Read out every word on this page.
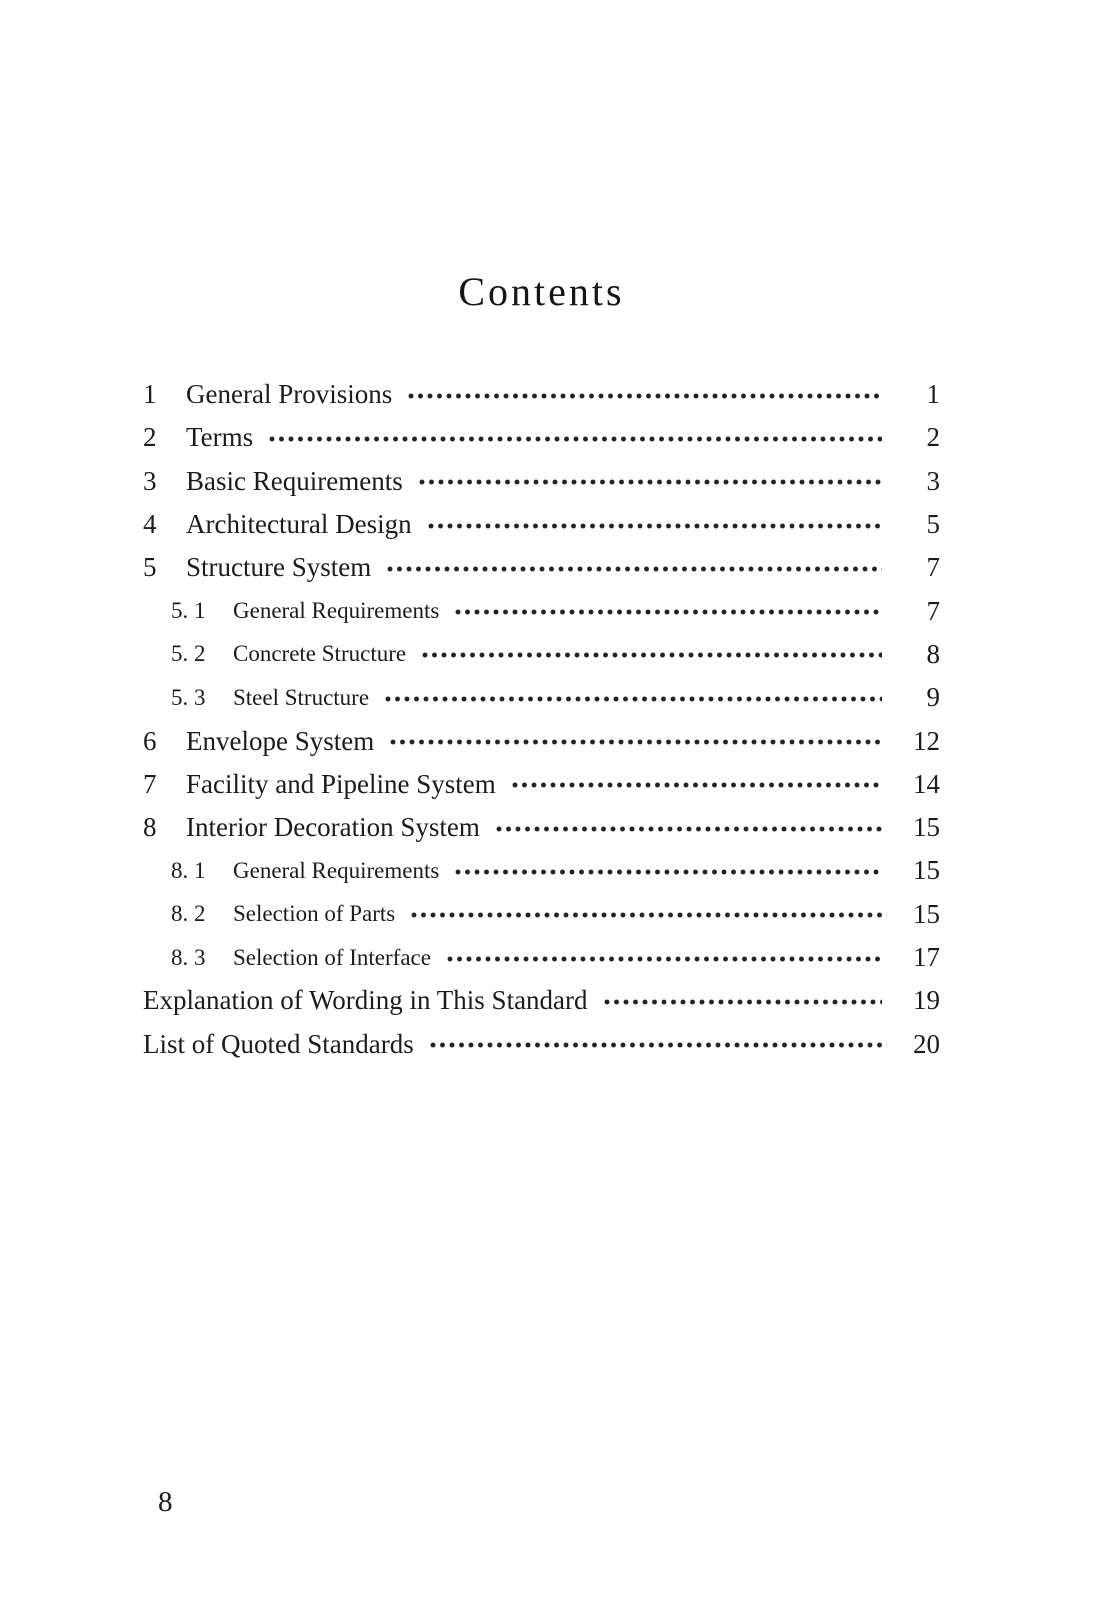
Contents
1	General Provisions	1
2	Terms	2
3	Basic Requirements	3
4	Architectural Design	5
5	Structure System	7
5. 1	General Requirements	7
5. 2	Concrete Structure	8
5. 3	Steel Structure	9
6	Envelope System	12
7	Facility and Pipeline System	14
8	Interior Decoration System	15
8. 1	General Requirements	15
8. 2	Selection of Parts	15
8. 3	Selection of Interface	17
Explanation of Wording in This Standard	19
List of Quoted Standards	20
8
